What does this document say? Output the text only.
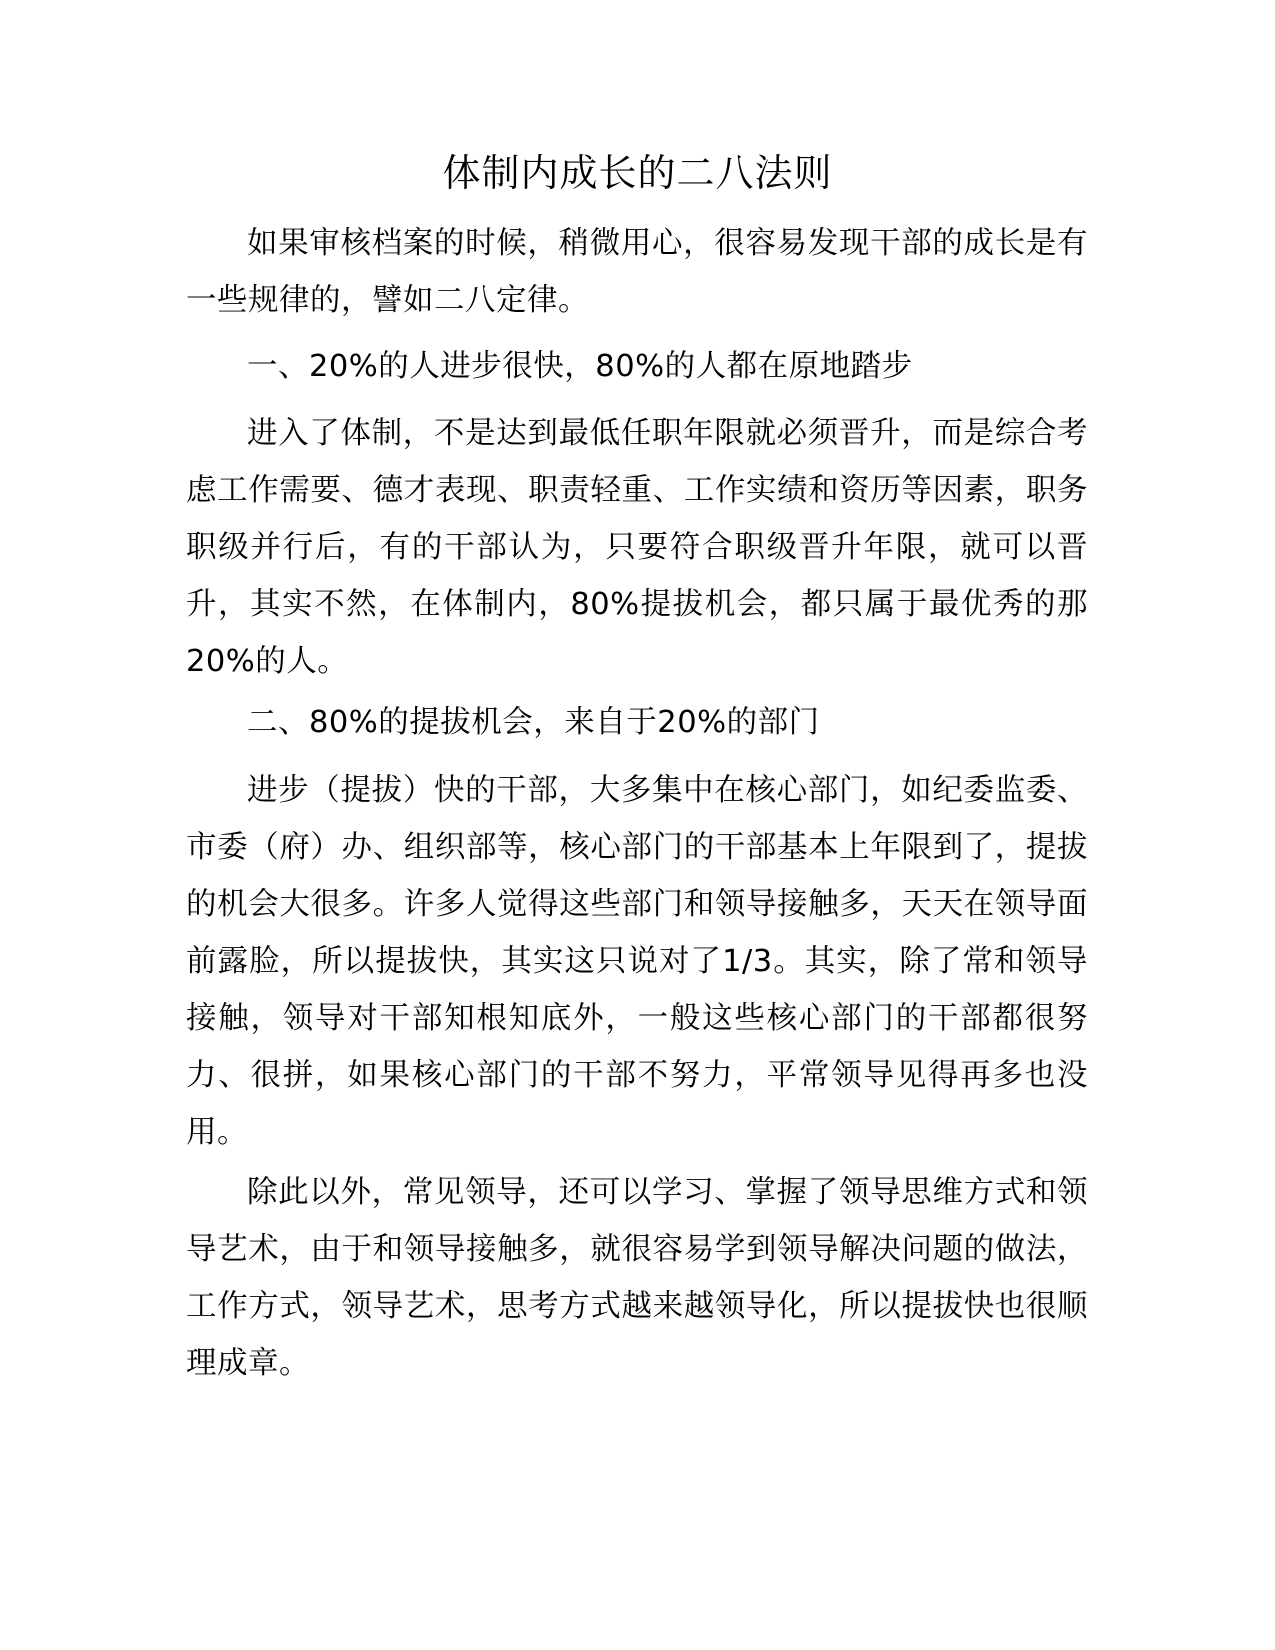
体制内成长的二八法则

如果审核档案的时候，稍微用心，很容易发现干部的成长是有一些规律的，譬如二八定律。

一、20%的人进步很快，80%的人都在原地踏步

进入了体制，不是达到最低任职年限就必须晋升，而是综合考虑工作需要、德才表现、职责轻重、工作实绩和资历等因素，职务职级并行后，有的干部认为，只要符合职级晋升年限，就可以晋升，其实不然，在体制内，80%提拔机会，都只属于最优秀的那20%的人。

二、80%的提拔机会，来自于20%的部门

进步（提拔）快的干部，大多集中在核心部门，如纪委监委、市委（府）办、组织部等，核心部门的干部基本上年限到了，提拔的机会大很多。许多人觉得这些部门和领导接触多，天天在领导面前露脸，所以提拔快，其实这只说对了1/3。其实，除了常和领导接触，领导对干部知根知底外，一般这些核心部门的干部都很努力、很拼，如果核心部门的干部不努力，平常领导见得再多也没用。

除此以外，常见领导，还可以学习、掌握了领导思维方式和领导艺术，由于和领导接触多，就很容易学到领导解决问题的做法，工作方式，领导艺术，思考方式越来越领导化，所以提拔快也很顺理成章。
